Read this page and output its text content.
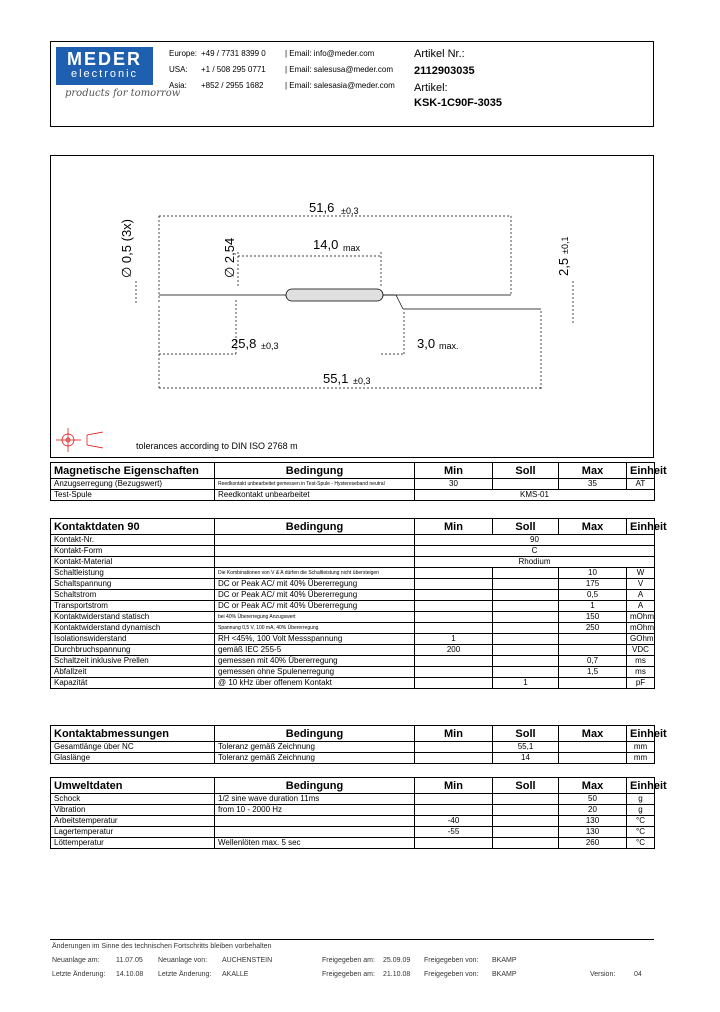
MEDER
electronic
products for tomorrow
Europe: +49 / 7731 8399 0 | Email: info@meder.com
USA: +1 / 508 295 0771 | Email: salesusa@meder.com
Asia: +852 / 2955 1682	| Email: salesasia@meder.com
Artikel Nr.:
2112903035
Artikel:
KSK-1C90F-3035
51,6 ±0,3
14,0 max
25,8 ±0,3	3,0 max.
55,1 ±0,3
∅ 0,5 (3x)	∅ 2,54	2,5
±0,1
tolerances according to DIN ISO 2768 m
Magnetische Eigenschaften	Bedingung	Min	Soll	Max	Einheit
Anzugserregung (Bezugswert)	Reedkontakt unbearbeitet gemessen in Test-Spule - Hystereseband neutral	30		35	AT
Test-Spule	Reedkontakt unbearbeitet	KMS-01			
Kontaktdaten 90	Bedingung	Min	Soll	Max	Einheit
Kontakt-Nr.		90			
Kontakt-Form		C			
Kontakt-Material		Rhodium			
Schaltleistung	Die Kombinationen von V & A dürfen die Schaltleistung nicht übersteigen			10	W
Schaltspannung	DC or Peak AC/ mit 40% Übererregung			175	V
Schaltstrom	DC or Peak AC/ mit 40% Übererregung			0,5	A
Transportstrom	DC or Peak AC/ mit 40% Übererregung			1	A
Kontaktwiderstand statisch	bei 40% Übererregung Anzugswert			150	mOhm
Kontaktwiderstand dynamisch	Spannung 0,5 V, 100 mA, 40% Übererregung			250	mOhm
Isolationswiderstand	RH <45%, 100 Volt Messspannung	1			GOhm
Durchbruchspannung	gemäß IEC 255-5	200			VDC
Schaltzeit inklusive Prellen	gemessen mit 40% Übererregung			0,7	ms
Abfallzeit	gemessen ohne Spulenerregung			1,5	ms
Kapazität	@ 10 kHz über offenem Kontakt		1		pF
Kontaktabmessungen	Bedingung	Min	Soll	Max	Einheit
Gesamtlänge über NC	Toleranz gemäß Zeichnung		55,1		mm
Glaslänge	Toleranz gemäß Zeichnung		14		mm
Umweltdaten	Bedingung	Min	Soll	Max	Einheit
Schock	1/2 sine wave duration 11ms			50	g
Vibration	from 10 - 2000 Hz			20	g
Arbeitstemperatur		-40		130	°C
Lagertemperatur		-55		130	°C
Löttemperatur	Wellenlöten max. 5 sec			260	°C
Änderungen im Sinne des technischen Fortschritts bleiben vorbehalten
Neuanlage am: 11.07.05 Neuanlage von: AUCHENSTEIN	Freigegeben am: 25.09.09 Freigegeben von: BKAMP
Letzte Änderung: 14.10.08 Letzte Änderung: AKALLE	Freigegeben am: 21.10.08 Freigegeben von: BKAMP	Version:	04
